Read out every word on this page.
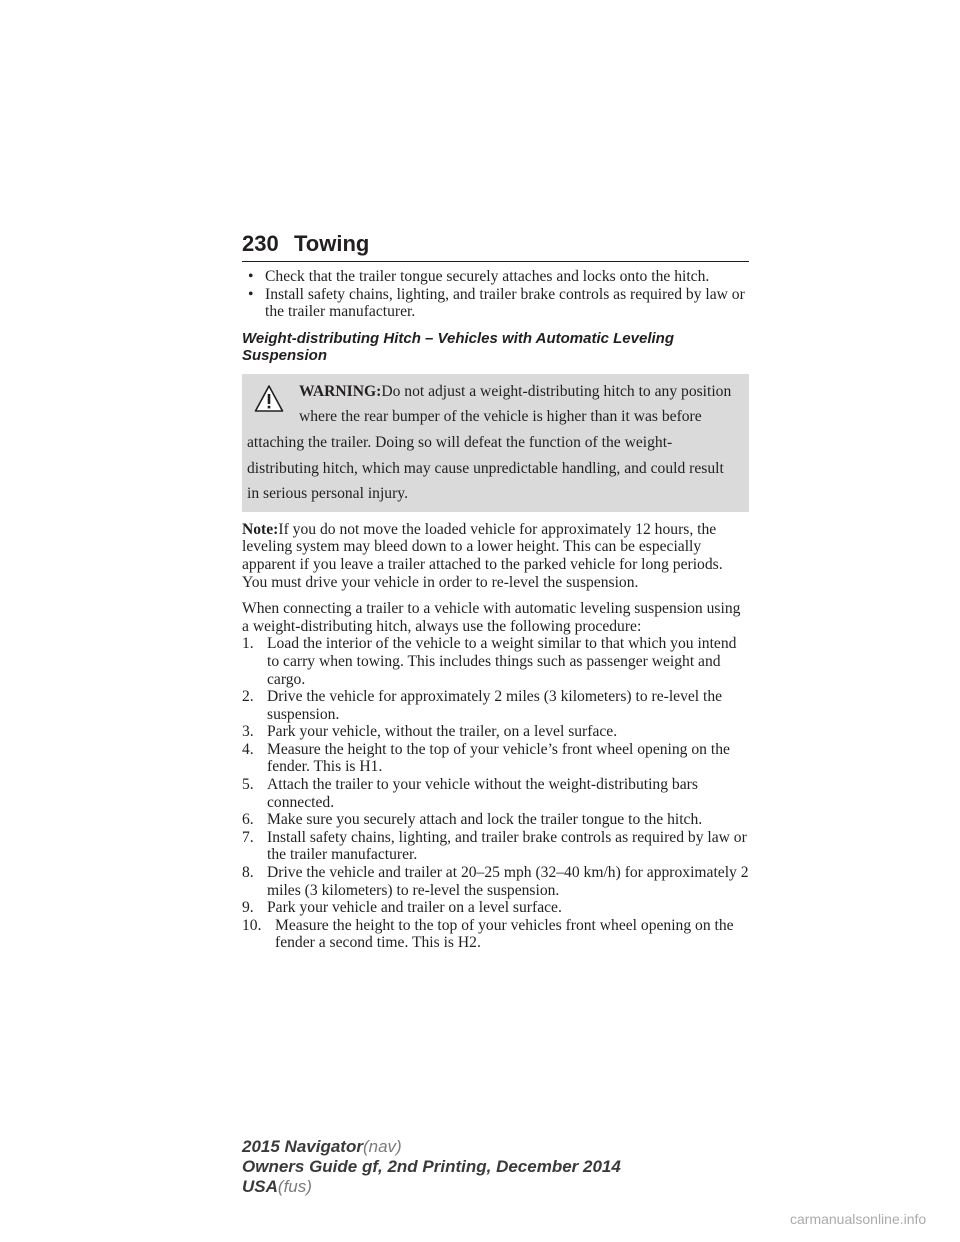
230 Towing
• Check that the trailer tongue securely attaches and locks onto the hitch.
• Install safety chains, lighting, and trailer brake controls as required by law or the trailer manufacturer.
Weight-distributing Hitch – Vehicles with Automatic Leveling Suspension

WARNING:Do not adjust a weight-distributing hitch to any position where the rear bumper of the vehicle is higher than it was before attaching the trailer. Doing so will defeat the function of the weight-distributing hitch, which may cause unpredictable handling, and could result in serious personal injury.

Note:If you do not move the loaded vehicle for approximately 12 hours, the leveling system may bleed down to a lower height. This can be especially apparent if you leave a trailer attached to the parked vehicle for long periods. You must drive your vehicle in order to re-level the suspension.

When connecting a trailer to a vehicle with automatic leveling suspension using a weight-distributing hitch, always use the following procedure:

1. Load the interior of the vehicle to a weight similar to that which you intend to carry when towing. This includes things such as passenger weight and cargo.
2. Drive the vehicle for approximately 2 miles (3 kilometers) to re-level the suspension.
3. Park your vehicle, without the trailer, on a level surface.
4. Measure the height to the top of your vehicle’s front wheel opening on the fender. This is H1.
5. Attach the trailer to your vehicle without the weight-distributing bars connected.
6. Make sure you securely attach and lock the trailer tongue to the hitch.
7. Install safety chains, lighting, and trailer brake controls as required by law or the trailer manufacturer.
8. Drive the vehicle and trailer at 20–25 mph (32–40 km/h) for approximately 2 miles (3 kilometers) to re-level the suspension.
9. Park your vehicle and trailer on a level surface.
10. Measure the height to the top of your vehicles front wheel opening on the fender a second time. This is H2.
2015 Navigator(nav)
Owners Guide gf, 2nd Printing, December 2014
USA(fus)
carmanualsonline.info
